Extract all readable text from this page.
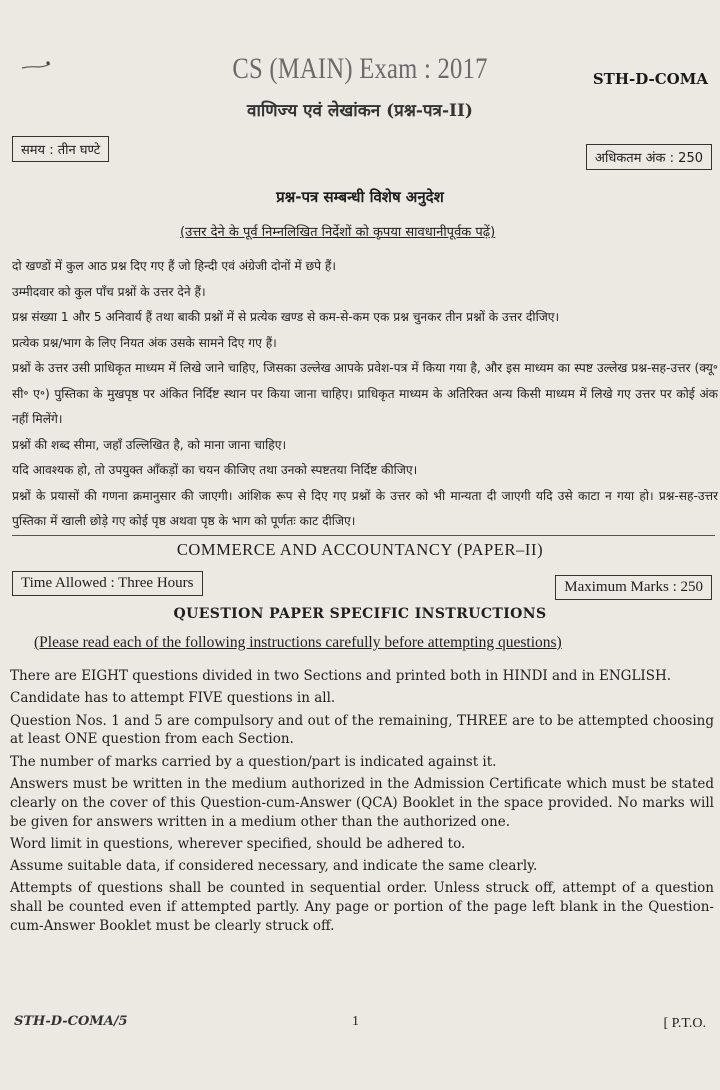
CS (MAIN) Exam : 2017	STH-D-COMA
वाणिज्य एवं लेखांकन (प्रश्न-पत्र-II)
समय : तीन घण्टे
अधिकतम अंक : 250
प्रश्न-पत्र सम्बन्धी विशेष अनुदेश
(उत्तर देने के पूर्व निम्नलिखित निर्देशों को कृपया सावधानीपूर्वक पढ़ें)

दो खण्डों में कुल आठ प्रश्न दिए गए हैं जो हिन्दी एवं अंग्रेजी दोनों में छपे हैं।

उम्मीदवार को कुल पाँच प्रश्नों के उत्तर देने हैं।

प्रश्न संख्या 1 और 5 अनिवार्य हैं तथा बाकी प्रश्नों में से प्रत्येक खण्ड से कम-से-कम एक प्रश्न चुनकर तीन प्रश्नों के उत्तर दीजिए।

प्रत्येक प्रश्न/भाग के लिए नियत अंक उसके सामने दिए गए हैं।

प्रश्नों के उत्तर उसी प्राधिकृत माध्यम में लिखे जाने चाहिए, जिसका उल्लेख आपके प्रवेश-पत्र में किया गया है, और इस माध्यम का स्पष्ट उल्लेख प्रश्न-सह-उत्तर (क्यू॰ सी॰ ए॰) पुस्तिका के मुखपृष्ठ पर अंकित निर्दिष्ट स्थान पर किया जाना चाहिए। प्राधिकृत माध्यम के अतिरिक्त अन्य किसी माध्यम में लिखे गए उत्तर पर कोई अंक नहीं मिलेंगे।

प्रश्नों की शब्द सीमा, जहाँ उल्लिखित है, को माना जाना चाहिए।

यदि आवश्यक हो, तो उपयुक्त आँकड़ों का चयन कीजिए तथा उनको स्पष्टतया निर्दिष्ट कीजिए।

प्रश्नों के प्रयासों की गणना क्रमानुसार की जाएगी। आंशिक रूप से दिए गए प्रश्नों के उत्तर को भी मान्यता दी जाएगी यदि उसे काटा न गया हो। प्रश्न-सह-उत्तर पुस्तिका में खाली छोड़े गए कोई पृष्ठ अथवा पृष्ठ के भाग को पूर्णतः काट दीजिए।

COMMERCE AND ACCOUNTANCY (PAPER–II)
Time Allowed : Three Hours	Maximum Marks : 250
QUESTION PAPER SPECIFIC INSTRUCTIONS
(Please read each of the following instructions carefully before attempting questions)

There are EIGHT questions divided in two Sections and printed both in HINDI and in ENGLISH.

Candidate has to attempt FIVE questions in all.

Question Nos. 1 and 5 are compulsory and out of the remaining, THREE are to be attempted choosing at least ONE question from each Section.

The number of marks carried by a question/part is indicated against it.

Answers must be written in the medium authorized in the Admission Certificate which must be stated clearly on the cover of this Question-cum-Answer (QCA) Booklet in the space provided. No marks will be given for answers written in a medium other than the authorized one.

Word limit in questions, wherever specified, should be adhered to.

Assume suitable data, if considered necessary, and indicate the same clearly.

Attempts of questions shall be counted in sequential order. Unless struck off, attempt of a question shall be counted even if attempted partly. Any page or portion of the page left blank in the Question-cum-Answer Booklet must be clearly struck off.

STH-D-COMA/5	1	[ P.T.O.
